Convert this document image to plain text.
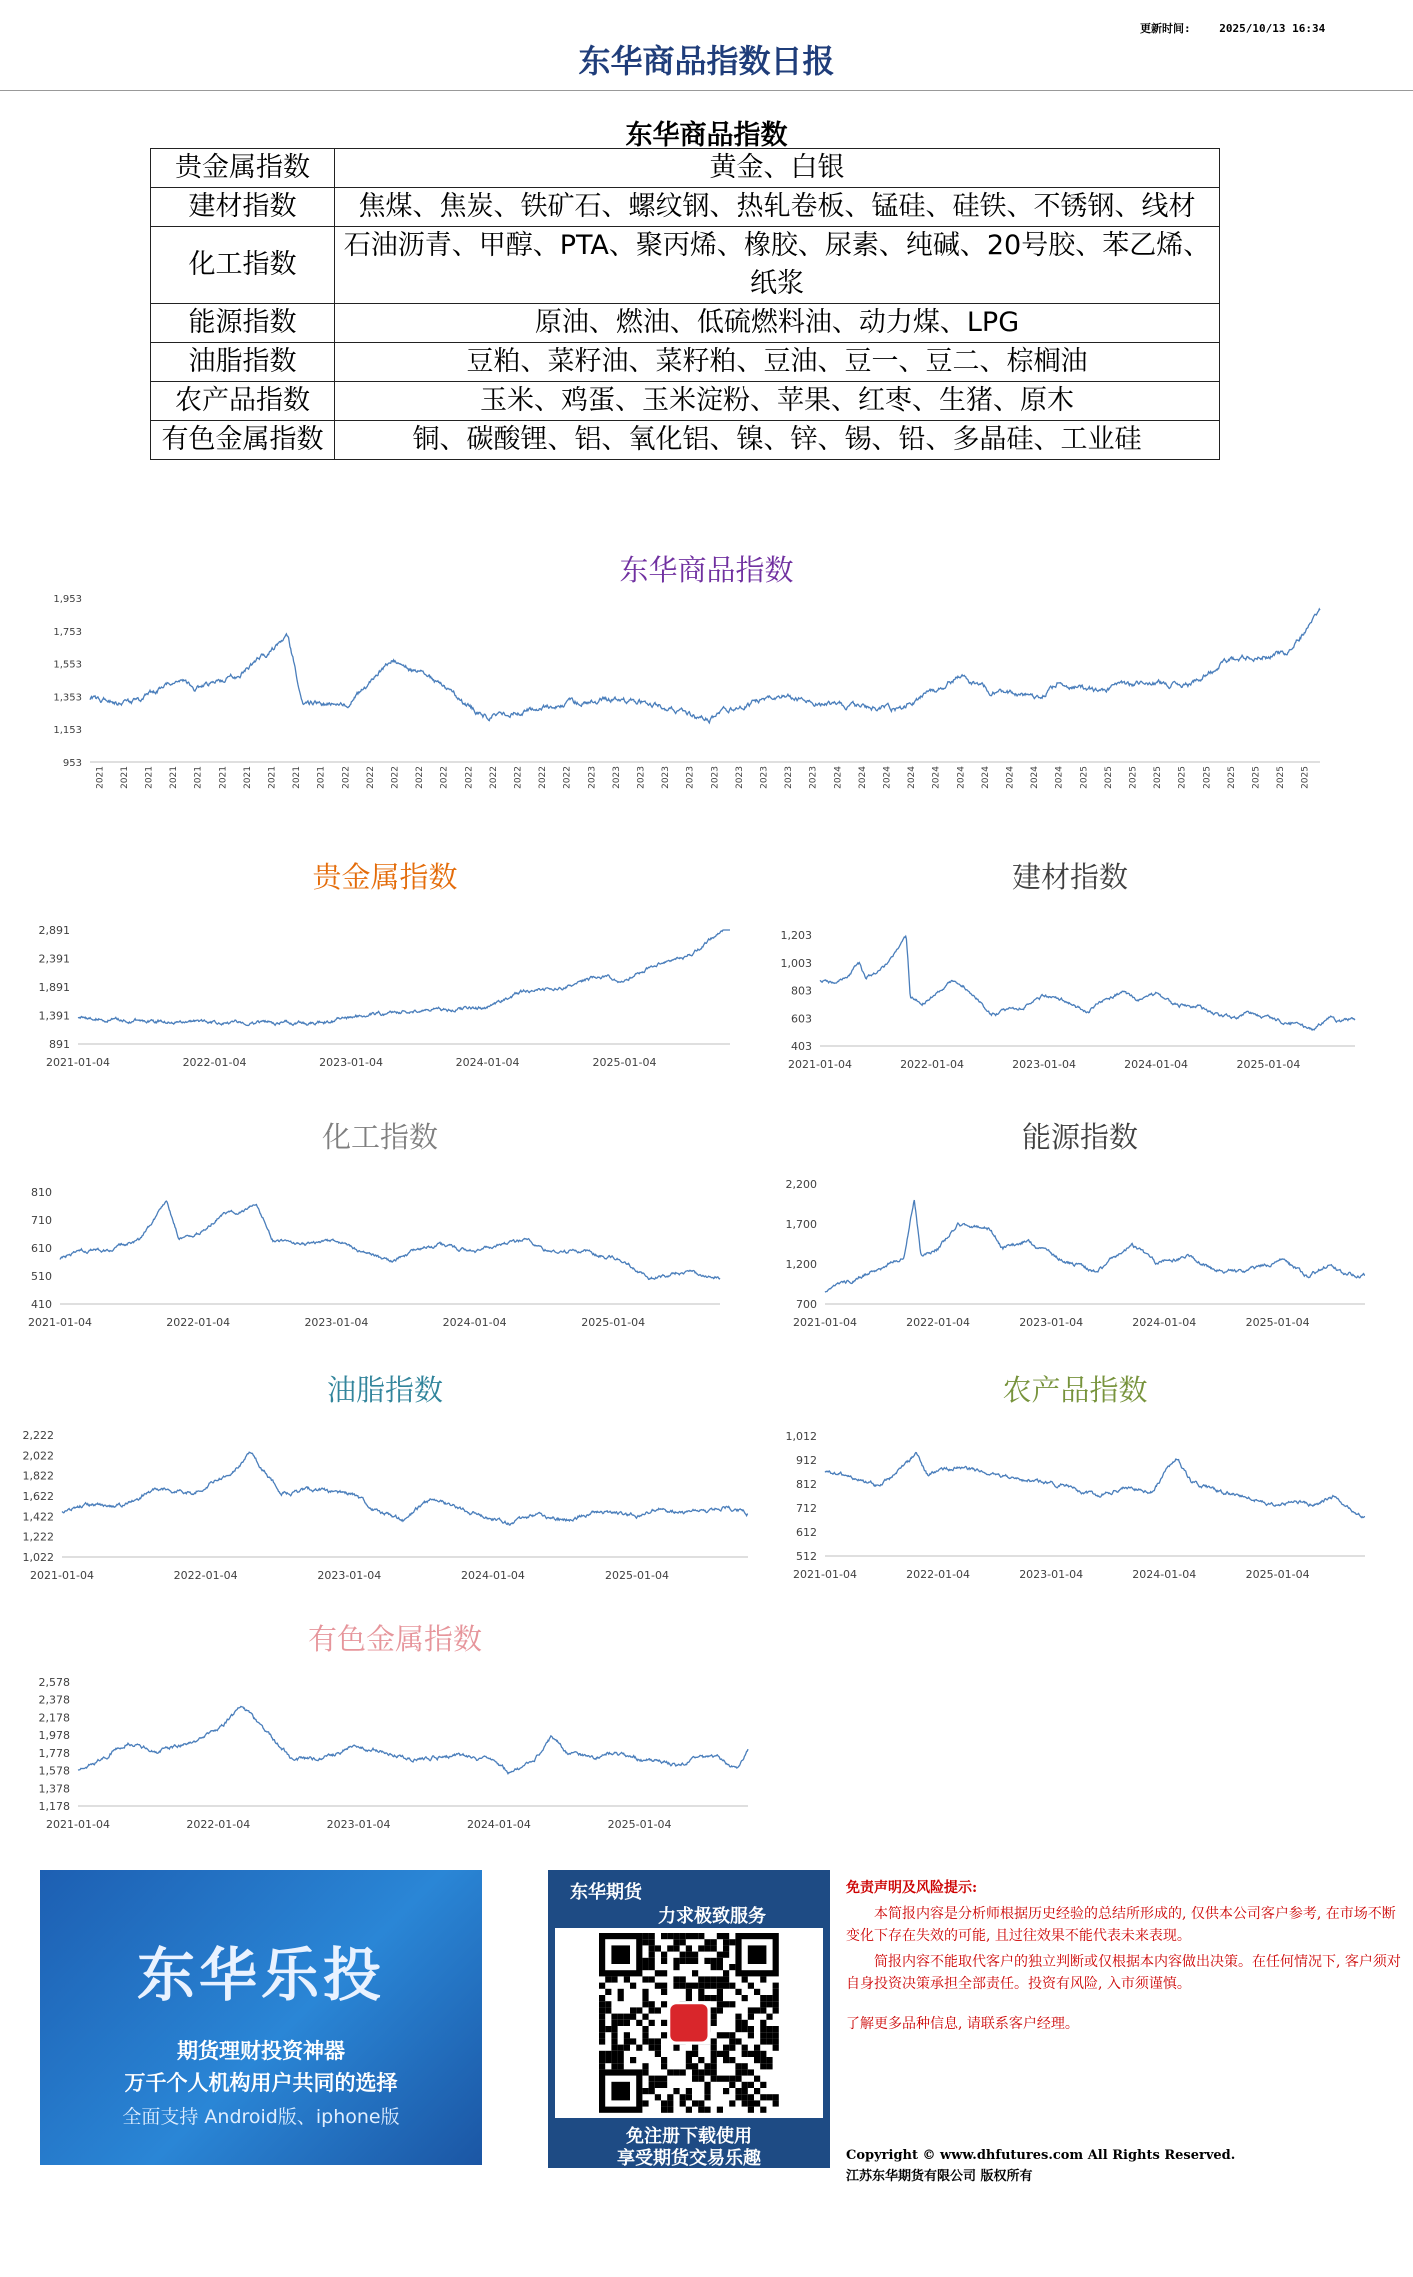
更新时间:	2025/10/13 16:34
东华商品指数日报
东华商品指数
贵金属指数	黄金、白银
建材指数	焦煤、焦炭、铁矿石、螺纹钢、热轧卷板、锰硅、硅铁、不锈钢、线材
化工指数	石油沥青、甲醇、PTA、聚丙烯、橡胶、尿素、纯碱、20号胶、苯乙烯、纸浆
能源指数	原油、燃油、低硫燃料油、动力煤、LPG
油脂指数	豆粕、菜籽油、菜籽粕、豆油、豆一、豆二、棕榈油
农产品指数	玉米、鸡蛋、玉米淀粉、苹果、红枣、生猪、原木
有色金属指数	铜、碳酸锂、铝、氧化铝、镍、锌、锡、铅、多晶硅、工业硅
东华商品指数
贵金属指数	建材指数
化工指数	能源指数
油脂指数	农产品指数
有色金属指数
1,953
1,753
1,553
1,353
1,153
953
2021 2021 2021 2021 2021 2021 2021 2021 2021 2021 2022 2022 2022 2022 2022 2022 2022 2022 2022 2022 2023 2023 2023 2023 2023 2023 2023 2023 2023 2023 2024 2024 2024 2024 2024 2024 2024 2024 2024 2024 2025 2025 2025 2025 2025 2025 2025 2025 2025 2025
2,891
2,391
1,891
1,391
891
2021-01-04	2022-01-04	2023-01-04	2024-01-04	2025-01-04
1,203
1,003
803
603
403
2021-01-04	2022-01-04	2023-01-04	2024-01-04	2025-01-04
810
710
610
510
410
2021-01-04	2022-01-04	2023-01-04	2024-01-04	2025-01-04
2,200
1,700
1,200
700
2021-01-04	2022-01-04	2023-01-04	2024-01-04	2025-01-04
2,222
2,022
1,822
1,622
1,422
1,222
1,022
2021-01-04	2022-01-04	2023-01-04	2024-01-04	2025-01-04
1,012
912
812
712
612
512
2021-01-04	2022-01-04	2023-01-04	2024-01-04	2025-01-04
2,578
2,378
2,178
1,978
1,778
1,578
1,378
1,178
2021-01-04	2022-01-04	2023-01-04	2024-01-04	2025-01-04
东华乐投
期货理财投资神器
万千个人机构用户共同的选择
全面支持 Android版、iphone版
东华期货
力求极致服务
免注册下载使用
享受期货交易乐趣
免责声明及风险提示:

本简报内容是分析师根据历史经验的总结所形成的, 仅供本公司客户参考, 在市场不断变化下存在失效的可能, 且过往效果不能代表未来表现。

简报内容不能取代客户的独立判断或仅根据本内容做出决策。在任何情况下, 客户须对自身投资决策承担全部责任。投资有风险, 入市须谨慎。

了解更多品种信息, 请联系客户经理。

Copyright © www.dhfutures.com All Rights Reserved.
江苏东华期货有限公司 版权所有
